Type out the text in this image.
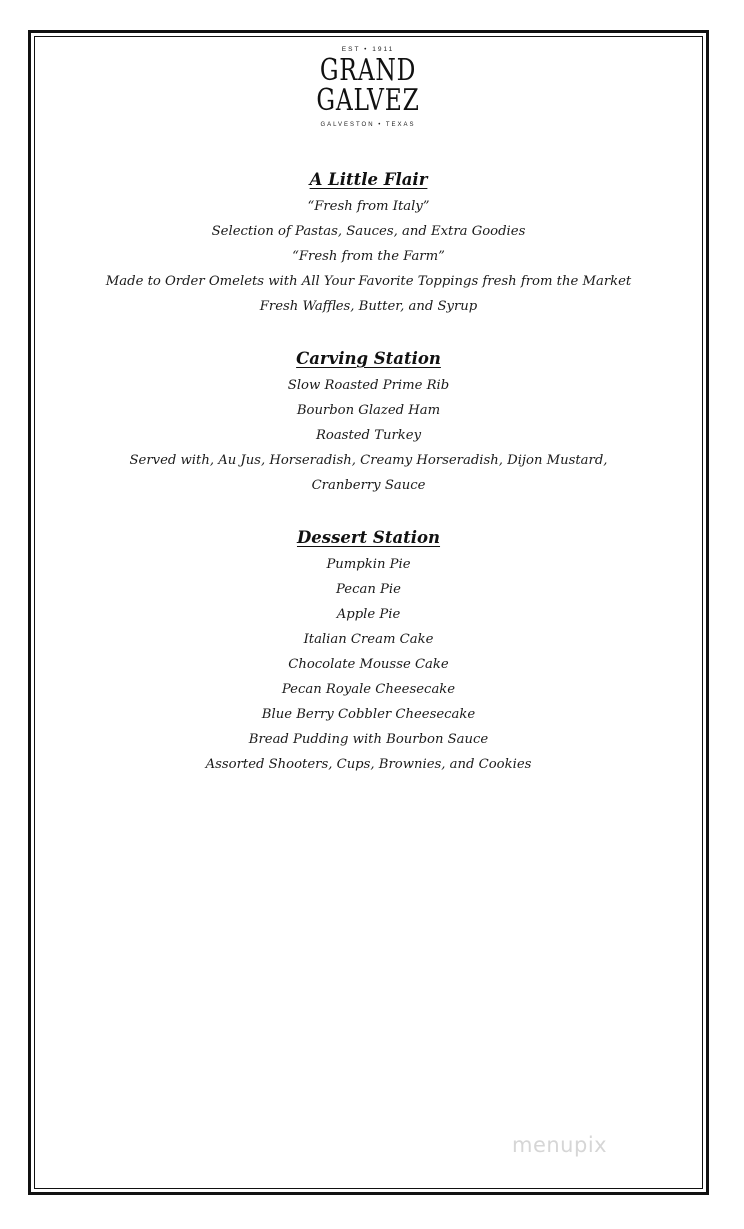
EST • 1911
GRAND
GALVEZ
GALVESTON • TEXAS
A Little Flair
“Fresh from Italy”
Selection of Pastas, Sauces, and Extra Goodies
“Fresh from the Farm”
Made to Order Omelets with All Your Favorite Toppings fresh from the Market
Fresh Waffles, Butter, and Syrup
Carving Station
Slow Roasted Prime Rib
Bourbon Glazed Ham
Roasted Turkey
Served with, Au Jus, Horseradish, Creamy Horseradish, Dijon Mustard,
Cranberry Sauce
Dessert Station
Pumpkin Pie
Pecan Pie
Apple Pie
Italian Cream Cake
Chocolate Mousse Cake
Pecan Royale Cheesecake
Blue Berry Cobbler Cheesecake
Bread Pudding with Bourbon Sauce
Assorted Shooters, Cups, Brownies, and Cookies
menupix
